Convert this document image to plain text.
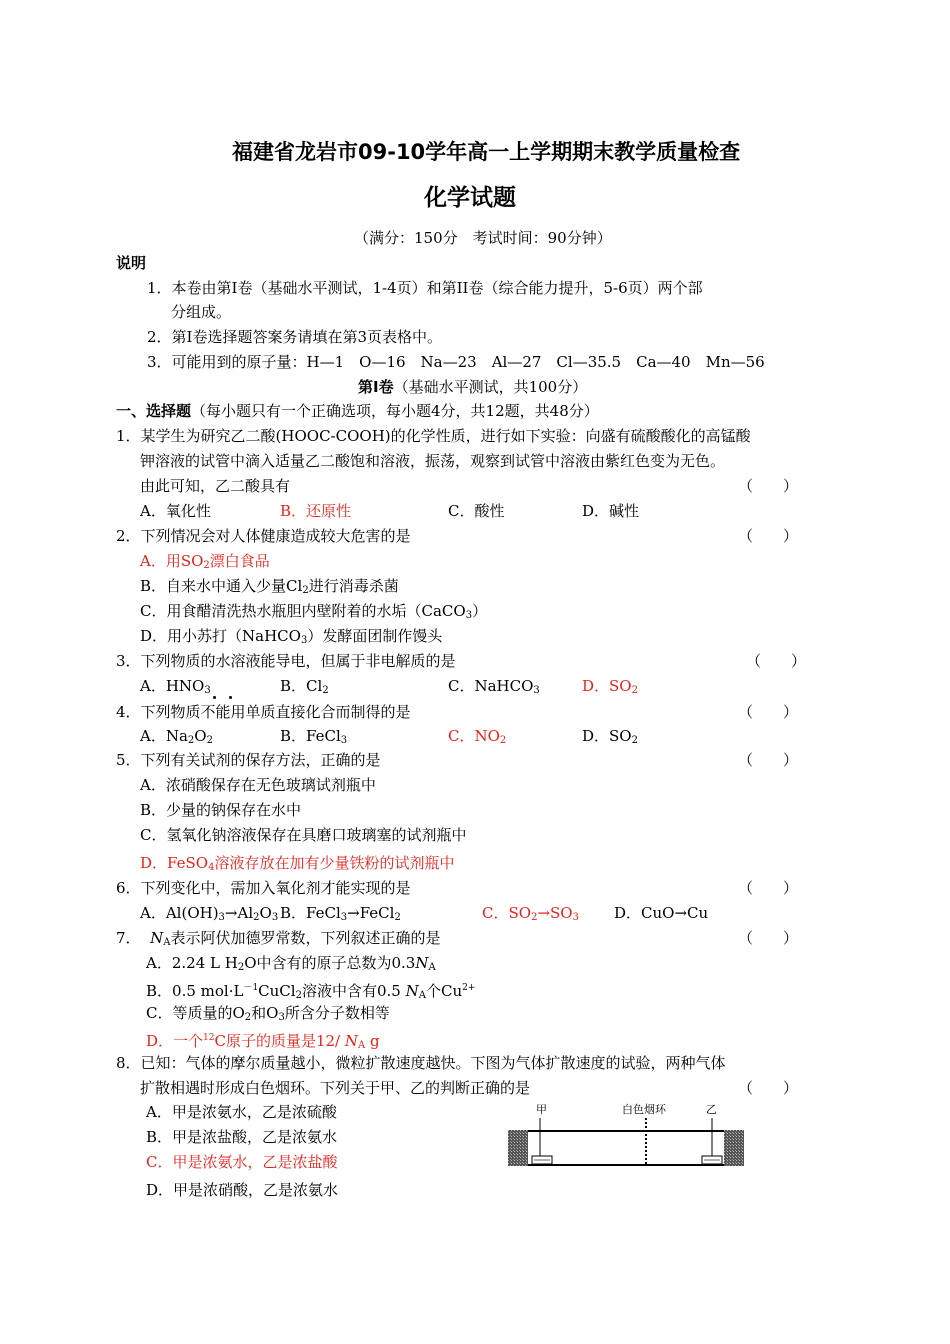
福建省龙岩市09-10学年高一上学期期末教学质量检查
化学试题
（满分：150分　考试时间：90分钟）
说明
1．本卷由第Ⅰ卷（基础水平测试，1-4页）和第II卷（综合能力提升，5-6页）两个部
分组成。
2．第Ⅰ卷选择题答案务请填在第3页表格中。
3．可能用到的原子量：H—1　O—16　Na—23　Al—27　Cl—35.5　Ca—40　Mn—56
第Ⅰ卷（基础水平测试，共100分）
一、选择题（每小题只有一个正确选项，每小题4分，共12题，共48分）
1．某学生为研究乙二酸(HOOC-COOH)的化学性质，进行如下实验：向盛有硫酸酸化的高锰酸
钾溶液的试管中滴入适量乙二酸饱和溶液，振荡，观察到试管中溶液由紫红色变为无色。
由此可知，乙二酸具有	（　　）
A．氧化性	B．还原性	C．酸性	D．碱性
2．下列情况会对人体健康造成较大危害的是	（　　）
A．用$SO_2$漂白食品
B．自来水中通入少量$Cl_2$进行消毒杀菌
C．用食醋清洗热水瓶胆内壁附着的水垢（CaCO$_3$）
D．用小苏打（NaHCO$_3$）发酵面团制作馒头
3．下列物质的水溶液能导电，但属于非电解质的是	（　　）
A．$HNO_3$	B．$Cl_2$	C．NaHCO$_3$	D．$SO_2$
4．下列物质不能用单质直接化合而制得的是	（　　）
A．$Na_2O_2$	B．FeCl$_3$	C．$NO_2$	D．$SO_2$
5．下列有关试剂的保存方法，正确的是	（　　）
A．浓硝酸保存在无色玻璃试剂瓶中
B．少量的钠保存在水中
C．氢氧化钠溶液保存在具磨口玻璃塞的试剂瓶中
D．FeSO$_4$溶液存放在加有少量铁粉的试剂瓶中
6．下列变化中，需加入氧化剂才能实现的是	（　　）
A．$Al(OH)_3\to Al_2O_3$ B．FeCl$_3$→FeCl$_2$	C．$SO_2\to SO_3$ D．CuO→Cu
7． $N_A$表示阿伏加德罗常数，下列叙述正确的是	（　　）
A．2.24 L $H_2O$中含有的原子总数为$0.3N_A$
B．0.5 $mol\cdot L^{-1}CuCl_2$溶液中含有0.5 $N_A$个$Cu^{2+}$
C．等质量的$O_2$和$O_3$所含分子数相等
D．一个$^{12}$C原子的质量是12/ $N_A$ g
8．已知：气体的摩尔质量越小，微粒扩散速度越快。下图为气体扩散速度的试验，两种气体
扩散相遇时形成白色烟环。下列关于甲、乙的判断正确的是	（　　）
A．甲是浓氨水，乙是浓硫酸
B．甲是浓盐酸，乙是浓氨水
C．甲是浓氨水，乙是浓盐酸
D．甲是浓硝酸，乙是浓氨水
甲	白色烟环	乙
